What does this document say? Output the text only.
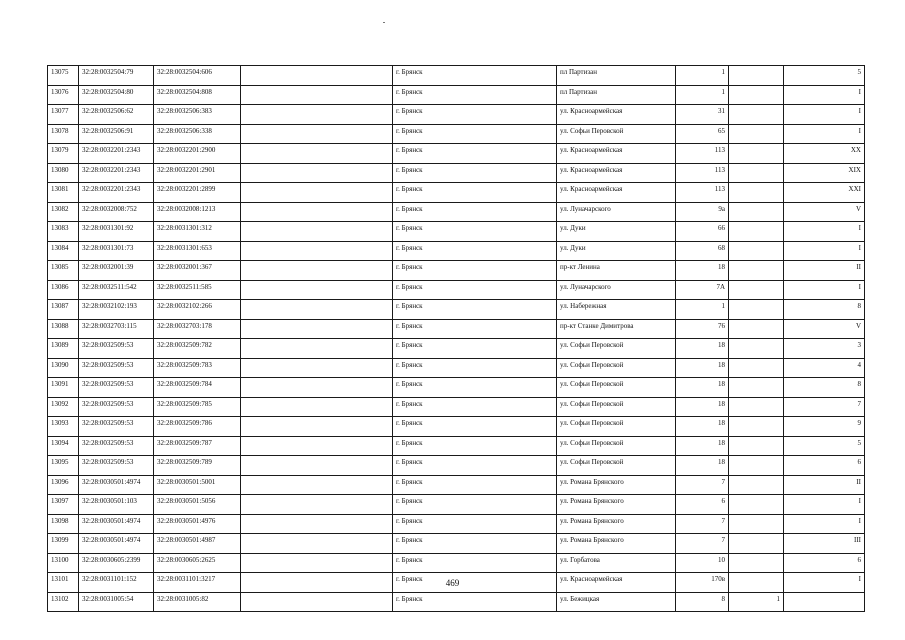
13075	32:28:0032504:79	32:28:0032504:606		г. Брянск	пл Партизан	1		5
13076	32:28:0032504:80	32:28:0032504:808		г. Брянск	пл Партизан	1		I
13077	32:28:0032506:62	32:28:0032506:383		г. Брянск	ул. Красноармейская	31		I
13078	32:28:0032506:91	32:28:0032506:338		г. Брянск	ул. Софьи Перовской	65		I
13079	32:28:0032201:2343	32:28:0032201:2900		г. Брянск	ул. Красноармейская	113		XX
13080	32:28:0032201:2343	32:28:0032201:2901		г. Брянск	ул. Красноармейская	113		XIX
13081	32:28:0032201:2343	32:28:0032201:2899		г. Брянск	ул. Красноармейская	113		XXI
13082	32:28:0032008:752	32:28:0032008:1213		г. Брянск	ул. Луначарского	9а		V
13083	32:28:0031301:92	32:28:0031301:312		г. Брянск	ул. Дуки	66		I
13084	32:28:0031301:73	32:28:0031301:653		г. Брянск	ул. Дуки	68		I
13085	32:28:0032001:39	32:28:0032001:367		г. Брянск	пр-кт Ленина	18		II
13086	32:28:0032511:542	32:28:0032511:585		г. Брянск	ул. Луначарского	7А		I
13087	32:28:0032102:193	32:28:0032102:266		г. Брянск	ул. Набережная	1		8
13088	32:28:0032703:115	32:28:0032703:178		г. Брянск	пр-кт Станке Димитрова	76		V
13089	32:28:0032509:53	32:28:0032509:782		г. Брянск	ул. Софьи Перовской	18		3
13090	32:28:0032509:53	32:28:0032509:783		г. Брянск	ул. Софьи Перовской	18		4
13091	32:28:0032509:53	32:28:0032509:784		г. Брянск	ул. Софьи Перовской	18		8
13092	32:28:0032509:53	32:28:0032509:785		г. Брянск	ул. Софьи Перовской	18		7
13093	32:28:0032509:53	32:28:0032509:786		г. Брянск	ул. Софьи Перовской	18		9
13094	32:28:0032509:53	32:28:0032509:787		г. Брянск	ул. Софьи Перовской	18		5
13095	32:28:0032509:53	32:28:0032509:789		г. Брянск	ул. Софьи Перовской	18		6
13096	32:28:0030501:4974	32:28:0030501:5001		г. Брянск	ул. Романа Брянского	7		II
13097	32:28:0030501:103	32:28:0030501:5056		г. Брянск	ул. Романа Брянского	6		I
13098	32:28:0030501:4974	32:28:0030501:4976		г. Брянск	ул. Романа Брянского	7		I
13099	32:28:0030501:4974	32:28:0030501:4987		г. Брянск	ул. Романа Брянского	7		III
13100	32:28:0030605:2399	32:28:0030605:2625		г. Брянск	ул. Горбатова	10		6
13101	32:28:0031101:152	32:28:0031101:3217		г. Брянск	ул. Красноармейская	170в		I
13102	32:28:0031005:54	32:28:0031005:82		г. Брянск	ул. Бежицкая	8	1	
469
